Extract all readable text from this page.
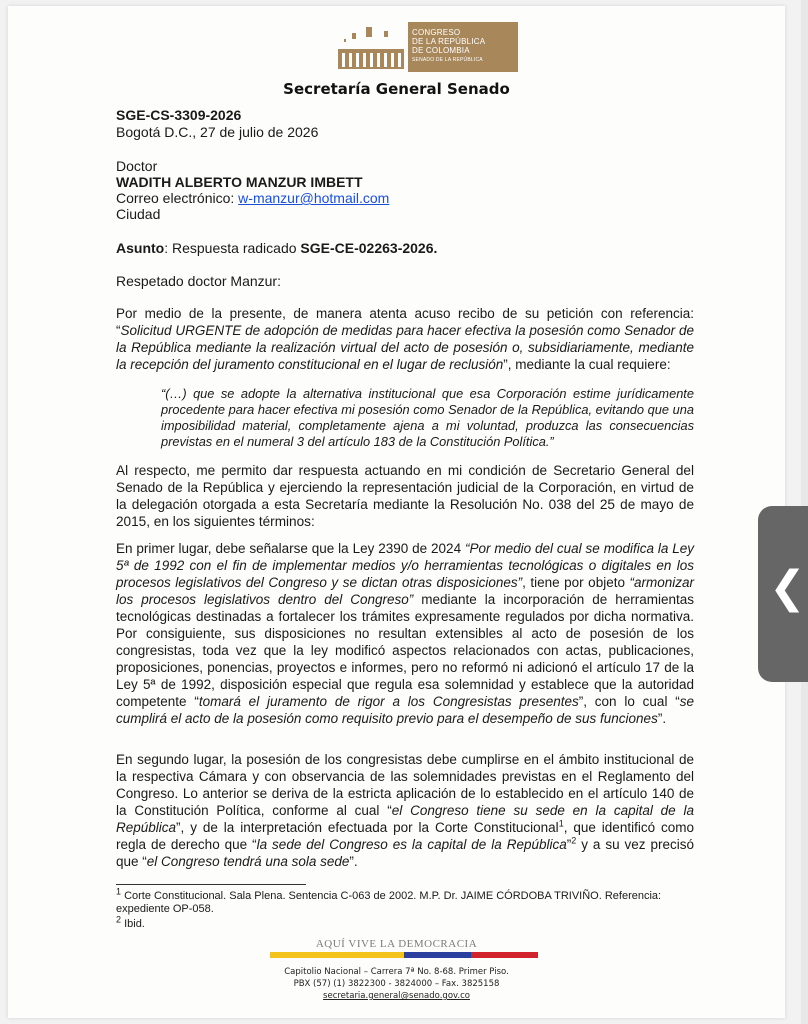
CONGRESO
DE LA REPÚBLICA
DE COLOMBIA
SENADO DE LA REPÚBLICA
Secretaría General Senado
SGE-CS-3309-2026
Bogotá D.C., 27 de julio de 2026
Doctor
WADITH ALBERTO MANZUR IMBETT
Correo electrónico: w-manzur@hotmail.com
Ciudad
Asunto: Respuesta radicado SGE-CE-02263-2026.
Respetado doctor Manzur:
Por medio de la presente, de manera atenta acuso recibo de su petición con referencia: “Solicitud URGENTE de adopción de medidas para hacer efectiva la posesión como Senador de la República mediante la realización virtual del acto de posesión o, subsidiariamente, mediante la recepción del juramento constitucional en el lugar de reclusión”, mediante la cual requiere:
“(…) que se adopte la alternativa institucional que esa Corporación estime jurídicamente procedente para hacer efectiva mi posesión como Senador de la República, evitando que una imposibilidad material, completamente ajena a mi voluntad, produzca las consecuencias previstas en el numeral 3 del artículo 183 de la Constitución Política.”
Al respecto, me permito dar respuesta actuando en mi condición de Secretario General del Senado de la República y ejerciendo la representación judicial de la Corporación, en virtud de la delegación otorgada a esta Secretaría mediante la Resolución No. 038 del 25 de mayo de 2015, en los siguientes términos:
En primer lugar, debe señalarse que la Ley 2390 de 2024 “Por medio del cual se modifica la Ley 5ª de 1992 con el fin de implementar medios y/o herramientas tecnológicas o digitales en los procesos legislativos del Congreso y se dictan otras disposiciones”, tiene por objeto “armonizar los procesos legislativos dentro del Congreso” mediante la incorporación de herramientas tecnológicas destinadas a fortalecer los trámites expresamente regulados por dicha normativa. Por consiguiente, sus disposiciones no resultan extensibles al acto de posesión de los congresistas, toda vez que la ley modificó aspectos relacionados con actas, publicaciones, proposiciones, ponencias, proyectos e informes, pero no reformó ni adicionó el artículo 17 de la Ley 5ª de 1992, disposición especial que regula esa solemnidad y establece que la autoridad competente “tomará el juramento de rigor a los Congresistas presentes”, con lo cual “se cumplirá el acto de la posesión como requisito previo para el desempeño de sus funciones”.
En segundo lugar, la posesión de los congresistas debe cumplirse en el ámbito institucional de la respectiva Cámara y con observancia de las solemnidades previstas en el Reglamento del Congreso. Lo anterior se deriva de la estricta aplicación de lo establecido en el artículo 140 de la Constitución Política, conforme al cual “el Congreso tiene su sede en la capital de la República”, y de la interpretación efectuada por la Corte Constitucional$^1$, que identificó como regla de derecho que “la sede del Congreso es la capital de la República”$^2$ y a su vez precisó que “el Congreso tendrá una sola sede”.
$^1$ Corte Constitucional. Sala Plena. Sentencia C-063 de 2002. M.P. Dr. JAIME CÓRDOBA TRIVIÑO. Referencia: expediente OP-058.
$^2$ Ibid.
AQUÍ VIVE LA DEMOCRACIA
Capitolio Nacional – Carrera 7ª No. 8-68. Primer Piso.
PBX (57) (1) 3822300 - 3824000 – Fax. 3825158
secretaria.general@senado.gov.co
❮
